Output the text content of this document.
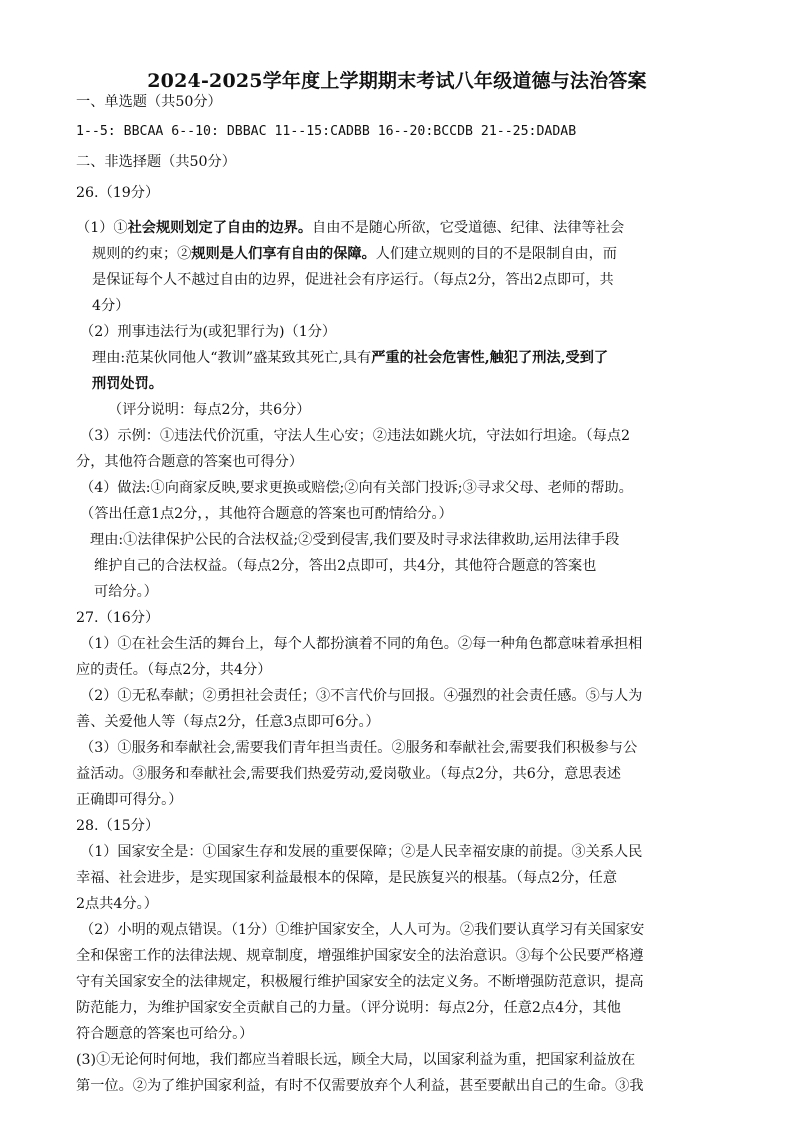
2024-2025学年度上学期期末考试八年级道德与法治答案
一、单选题（共50分）
1--5: BBCAA 6--10: DBBAC 11--15:CADBB 16--20:BCCDB 21--25:DADAB
二、非选择题（共50分）
26.（19分）
（1）①社会规则划定了自由的边界。自由不是随心所欲，它受道德、纪律、法律等社会
规则的约束；②规则是人们享有自由的保障。人们建立规则的目的不是限制自由，而
是保证每个人不越过自由的边界，促进社会有序运行。（每点2分，答出2点即可，共
4分）
（2）刑事违法行为(或犯罪行为)（1分）
理由:范某伙同他人“教训”盛某致其死亡,具有严重的社会危害性,触犯了刑法,受到了
刑罚处罚。
（评分说明：每点2分，共6分）
（3）示例：①违法代价沉重，守法人生心安；②违法如跳火坑，守法如行坦途。（每点2
分，其他符合题意的答案也可得分）
（4）做法:①向商家反映,要求更换或赔偿;②向有关部门投诉;③寻求父母、老师的帮助。
（答出任意1点2分，，其他符合题意的答案也可酌情给分。）
理由:①法律保护公民的合法权益;②受到侵害,我们要及时寻求法律救助,运用法律手段
维护自己的合法权益。（每点2分，答出2点即可，共4分，其他符合题意的答案也
可给分。）
27.（16分）
（1）①在社会生活的舞台上，每个人都扮演着不同的角色。②每一种角色都意味着承担相
应的责任。（每点2分，共4分）
（2）①无私奉献；②勇担社会责任；③不言代价与回报。④强烈的社会责任感。⑤与人为
善、关爱他人等（每点2分，任意3点即可6分。）
（3）①服务和奉献社会,需要我们青年担当责任。②服务和奉献社会,需要我们积极参与公
益活动。③服务和奉献社会,需要我们热爱劳动,爱岗敬业。（每点2分，共6分，意思表述
正确即可得分。）
28.（15分）
（1）国家安全是：①国家生存和发展的重要保障；②是人民幸福安康的前提。③关系人民
幸福、社会进步，是实现国家利益最根本的保障，是民族复兴的根基。（每点2分，任意
2点共4分。）
（2）小明的观点错误。（1分）①维护国家安全，人人可为。②我们要认真学习有关国家安
全和保密工作的法律法规、规章制度，增强维护国家安全的法治意识。③每个公民要严格遵
守有关国家安全的法律规定，积极履行维护国家安全的法定义务。不断增强防范意识，提高
防范能力，为维护国家安全贡献自己的力量。（评分说明：每点2分，任意2点4分，其他
符合题意的答案也可给分。）
(3)①无论何时何地，我们都应当着眼长远，顾全大局，以国家利益为重，把国家利益放在
第一位。②为了维护国家利益，有时不仅需要放弃个人利益，甚至要献出自己的生命。③我
